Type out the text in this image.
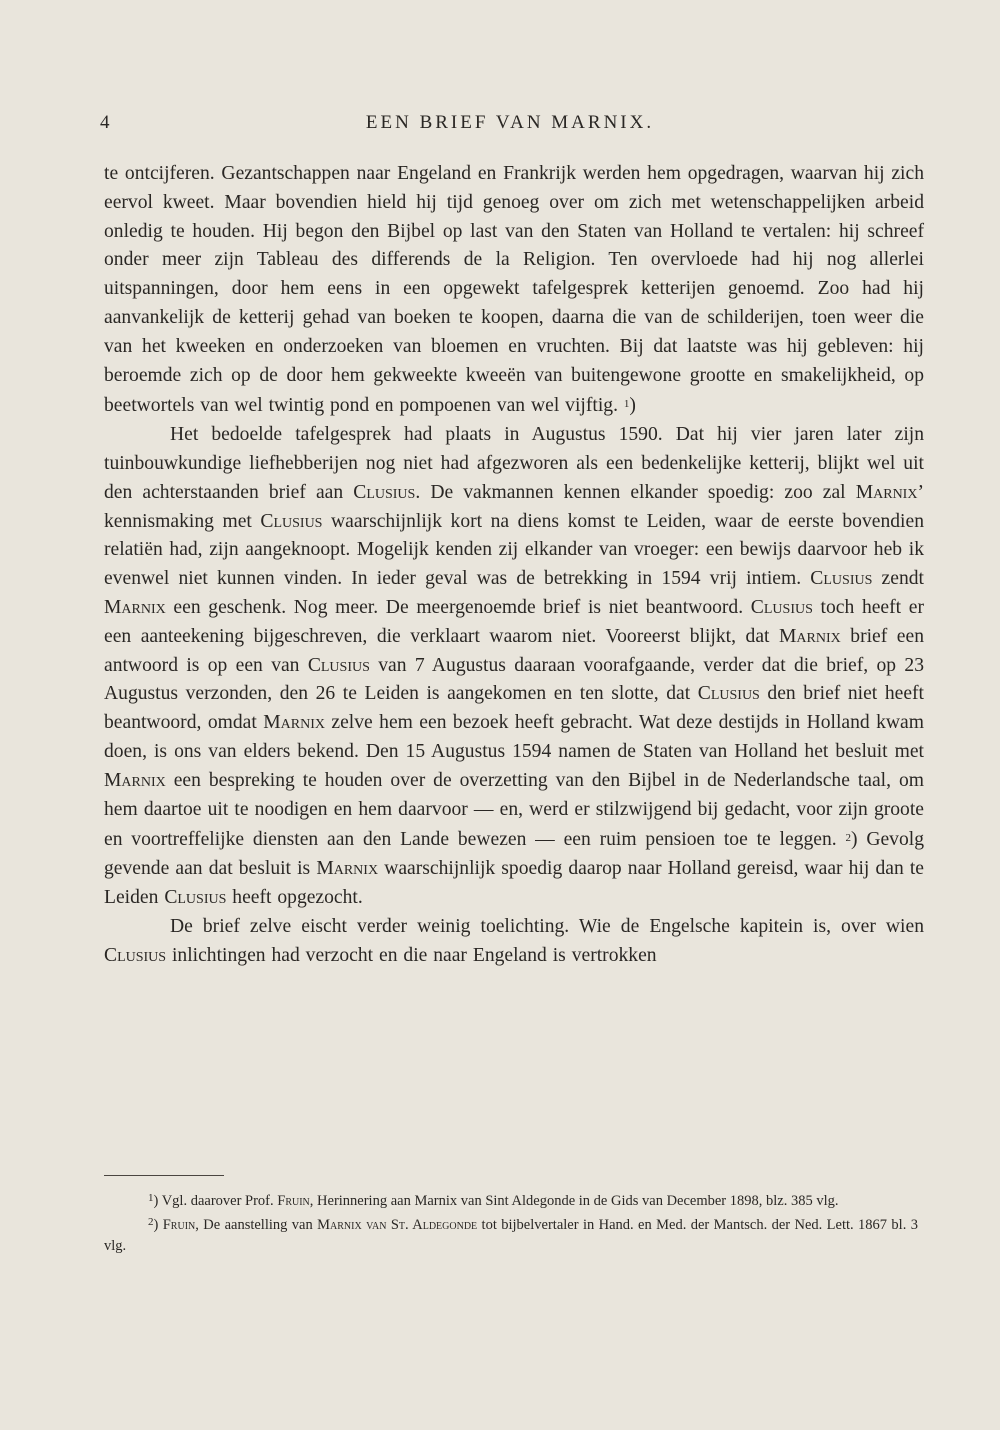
4	EEN BRIEF VAN MARNIX.

te ontcijferen. Gezantschappen naar Engeland en Frankrijk werden hem opgedragen, waarvan hij zich eervol kweet. Maar bovendien hield hij tijd genoeg over om zich met wetenschappelijken arbeid onledig te houden. Hij begon den Bijbel op last van den Staten van Holland te vertalen: hij schreef onder meer zijn Tableau des differends de la Religion. Ten overvloede had hij nog allerlei uitspanningen, door hem eens in een opgewekt tafelgesprek ketterijen genoemd. Zoo had hij aanvankelijk de ketterij gehad van boeken te koopen, daarna die van de schilderijen, toen weer die van het kweeken en onderzoeken van bloemen en vruchten. Bij dat laatste was hij gebleven: hij beroemde zich op de door hem gekweekte kweeën van buitengewone grootte en smakelijkheid, op beetwortels van wel twintig pond en pompoenen van wel vijftig. $^1$)

Het bedoelde tafelgesprek had plaats in Augustus 1590. Dat hij vier jaren later zijn tuinbouwkundige liefhebberijen nog niet had afgezworen als een bedenkelijke ketterij, blijkt wel uit den achterstaanden brief aan Clusius. De vakmannen kennen elkander spoedig: zoo zal Marnix’ kennismaking met Clusius waarschijnlijk kort na diens komst te Leiden, waar de eerste bovendien relatiën had, zijn aangeknoopt. Mogelijk kenden zij elkander van vroeger: een bewijs daarvoor heb ik evenwel niet kunnen vinden. In ieder geval was de betrekking in 1594 vrij intiem. Clusius zendt Marnix een geschenk. Nog meer. De meergenoemde brief is niet beantwoord. Clusius toch heeft er een aanteekening bijgeschreven, die verklaart waarom niet. Vooreerst blijkt, dat Marnix brief een antwoord is op een van Clusius van 7 Augustus daaraan voorafgaande, verder dat die brief, op 23 Augustus verzonden, den 26 te Leiden is aangekomen en ten slotte, dat Clusius den brief niet heeft beantwoord, omdat Marnix zelve hem een bezoek heeft gebracht. Wat deze destijds in Holland kwam doen, is ons van elders bekend. Den 15 Augustus 1594 namen de Staten van Holland het besluit met Marnix een bespreking te houden over de overzetting van den Bijbel in de Nederlandsche taal, om hem daartoe uit te noodigen en hem daarvoor — en, werd er stilzwijgend bij gedacht, voor zijn groote en voortreffelijke diensten aan den Lande bewezen — een ruim pensioen toe te leggen. $^2$) Gevolg gevende aan dat besluit is Marnix waarschijnlijk spoedig daarop naar Holland gereisd, waar hij dan te Leiden Clusius heeft opgezocht.

De brief zelve eischt verder weinig toelichting. Wie de Engelsche kapitein is, over wien Clusius inlichtingen had verzocht en die naar Engeland is vertrokken

$^1$) Vgl. daarover Prof. Fruin, Herinnering aan Marnix van Sint Aldegonde in de Gids van December 1898, blz. 385 vlg.

$^2$) Fruin, De aanstelling van Marnix van St. Aldegonde tot bijbelvertaler in Hand. en Med. der Mantsch. der Ned. Lett. 1867 bl. 3 vlg.
